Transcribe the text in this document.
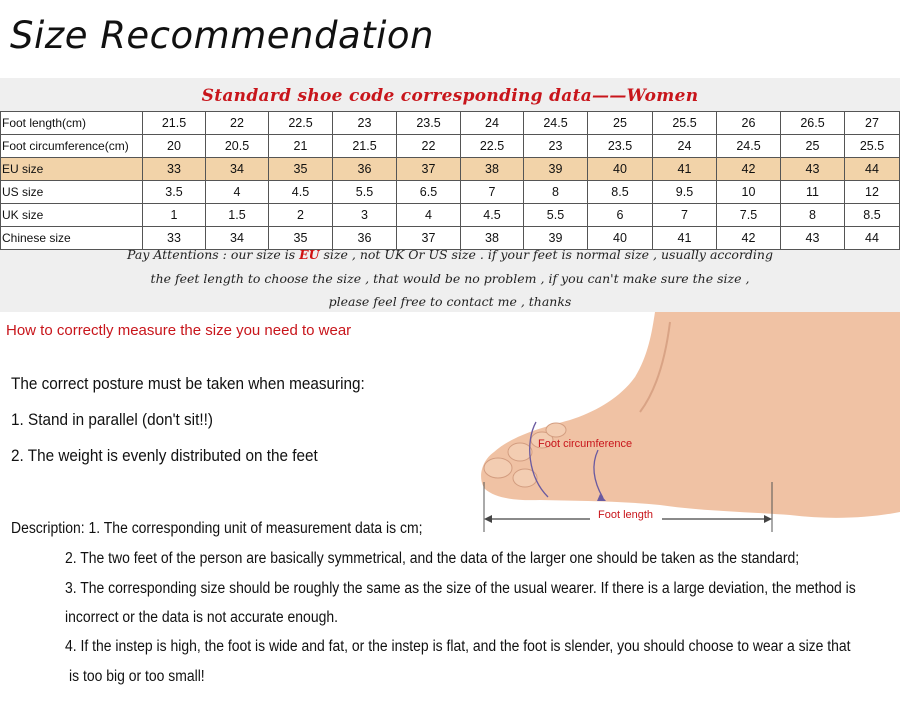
Size Recommendation
Standard shoe code corresponding data——Women
Foot length(cm)	21.5	22	22.5	23	23.5	24	24.5	25	25.5	26	26.5	27
Foot circumference(cm)	20	20.5	21	21.5	22	22.5	23	23.5	24	24.5	25	25.5
EU size	33	34	35	36	37	38	39	40	41	42	43	44
US size	3.5	4	4.5	5.5	6.5	7	8	8.5	9.5	10	11	12
UK size	1	1.5	2	3	4	4.5	5.5	6	7	7.5	8	8.5
Chinese size	33	34	35	36	37	38	39	40	41	42	43	44
Pay Attentions : our size is EU size , not UK Or US size . if your feet is normal size , usually according
the feet length to choose the size , that would be no problem , if you can't make sure the size ,
please feel free to contact me , thanks
How to correctly measure the size you need to wear
The correct posture must be taken when measuring:
1. Stand in parallel (don't sit!!)
2. The weight is evenly distributed on the feet
Foot circumference
Foot length
Description: 1. The corresponding unit of measurement data is cm;
2. The two feet of the person are basically symmetrical, and the data of the larger one should be taken as the standard;
3. The corresponding size should be roughly the same as the size of the usual wearer. If there is a large deviation, the method is
incorrect or the data is not accurate enough.
4. If the instep is high, the foot is wide and fat, or the instep is flat, and the foot is slender, you should choose to wear a size that
is too big or too small!
